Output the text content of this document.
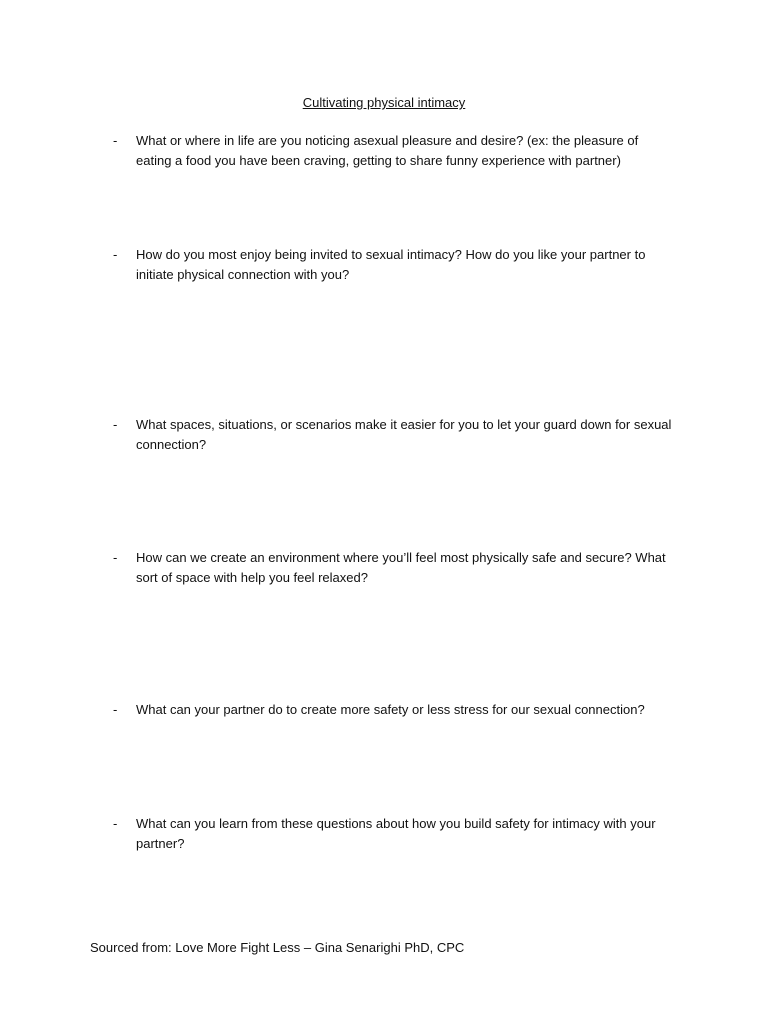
Cultivating physical intimacy
-	What or where in life are you noticing asexual pleasure and desire? (ex: the pleasure of eating a food you have been craving, getting to share funny experience with partner)
-	How do you most enjoy being invited to sexual intimacy? How do you like your partner to initiate physical connection with you?
-	What spaces, situations, or scenarios make it easier for you to let your guard down for sexual connection?
-	How can we create an environment where you’ll feel most physically safe and secure? What sort of space with help you feel relaxed?
-	What can your partner do to create more safety or less stress for our sexual connection?
-	What can you learn from these questions about how you build safety for intimacy with your partner?
Sourced from: Love More Fight Less – Gina Senarighi PhD, CPC
